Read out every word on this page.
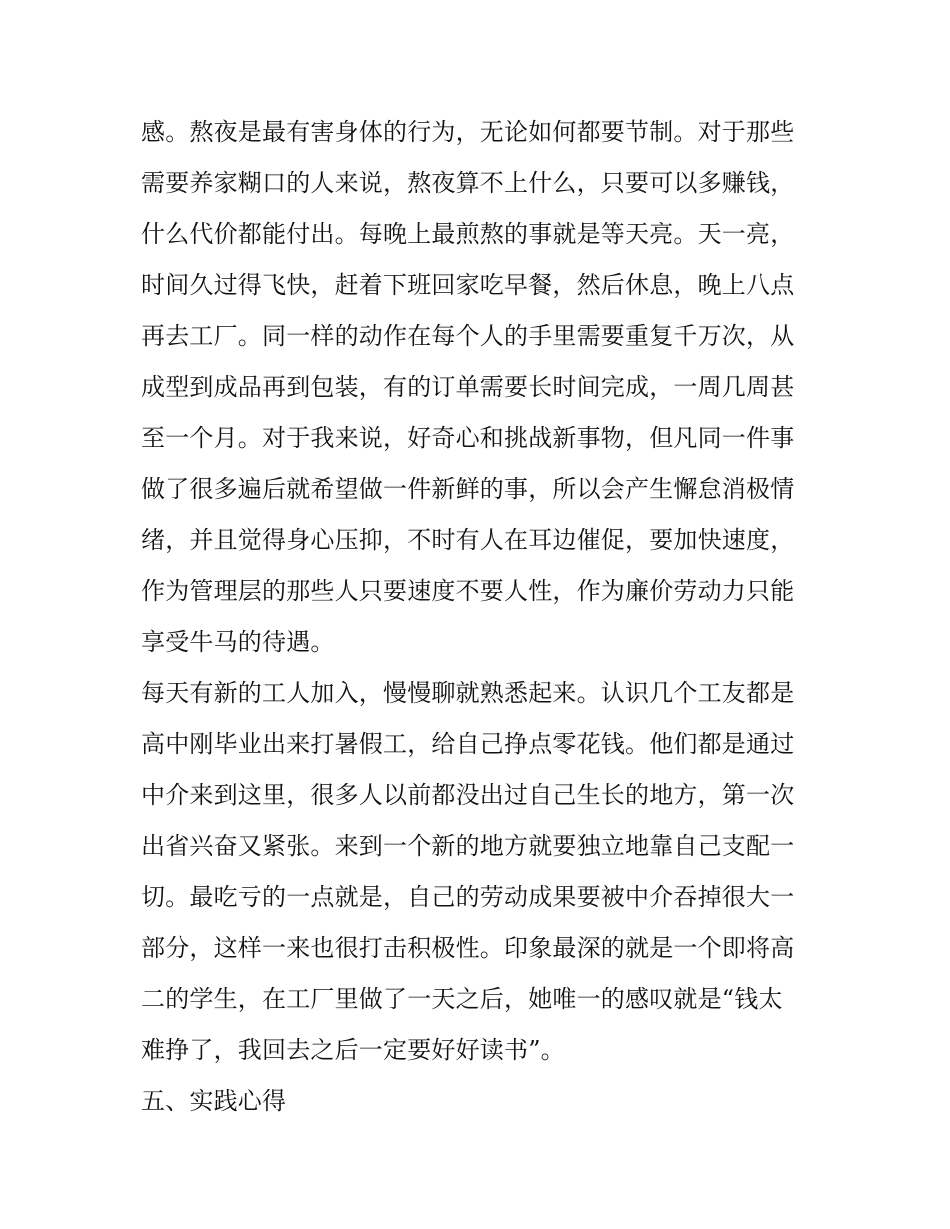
感。熬夜是最有害身体的行为，无论如何都要节制。对于那些
需要养家糊口的人来说，熬夜算不上什么，只要可以多赚钱，
什么代价都能付出。每晚上最煎熬的事就是等天亮。天一亮，
时间久过得飞快，赶着下班回家吃早餐，然后休息，晚上八点
再去工厂。同一样的动作在每个人的手里需要重复千万次，从
成型到成品再到包装，有的订单需要长时间完成，一周几周甚
至一个月。对于我来说，好奇心和挑战新事物，但凡同一件事
做了很多遍后就希望做一件新鲜的事，所以会产生懈怠消极情
绪，并且觉得身心压抑，不时有人在耳边催促，要加快速度，
作为管理层的那些人只要速度不要人性，作为廉价劳动力只能
享受牛马的待遇。
每天有新的工人加入，慢慢聊就熟悉起来。认识几个工友都是
高中刚毕业出来打暑假工，给自己挣点零花钱。他们都是通过
中介来到这里，很多人以前都没出过自己生长的地方，第一次
出省兴奋又紧张。来到一个新的地方就要独立地靠自己支配一
切。最吃亏的一点就是，自己的劳动成果要被中介吞掉很大一
部分，这样一来也很打击积极性。印象最深的就是一个即将高
二的学生，在工厂里做了一天之后，她唯一的感叹就是“钱太
难挣了，我回去之后一定要好好读书”。
五、实践心得
